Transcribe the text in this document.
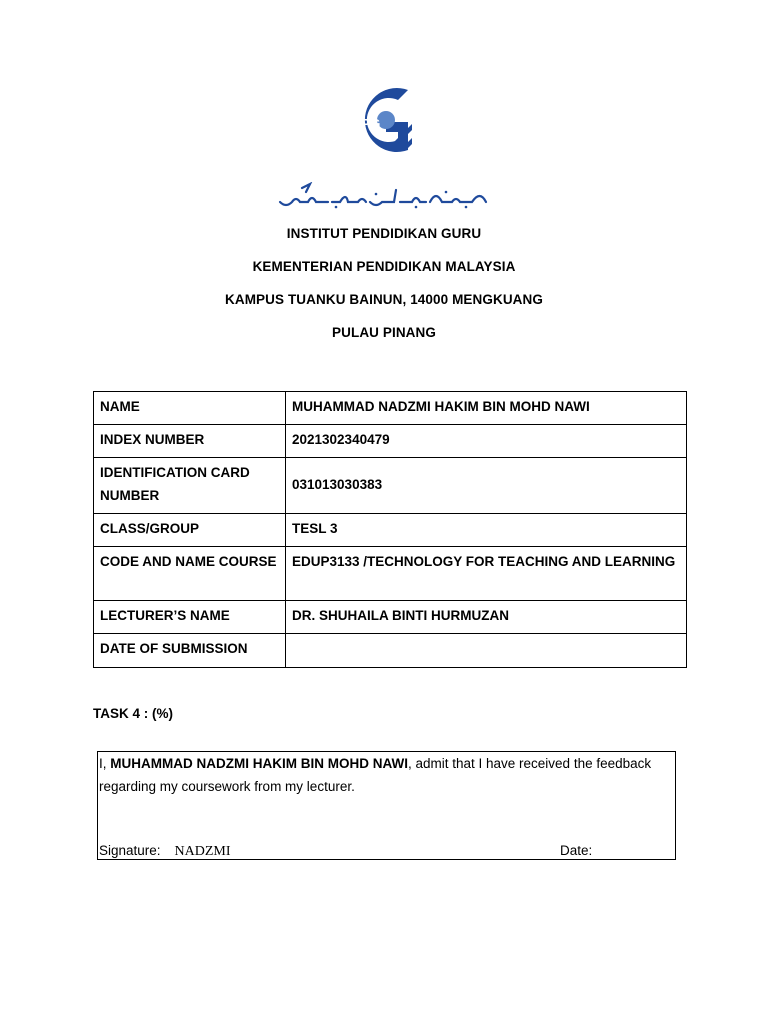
IPG
INSTITUT PENDIDIKAN GURU
KEMENTERIAN PENDIDIKAN MALAYSIA
KAMPUS TUANKU BAINUN, 14000 MENGKUANG
PULAU PINANG
NAME	MUHAMMAD NADZMI HAKIM BIN MOHD NAWI
INDEX NUMBER	2021302340479
IDENTIFICATION CARD NUMBER	031013030383
CLASS/GROUP	TESL 3
CODE AND NAME COURSE	EDUP3133 /TECHNOLOGY FOR TEACHING AND LEARNING
LECTURER’S NAME	DR. SHUHAILA BINTI HURMUZAN
DATE OF SUBMISSION	
TASK 4 : (%)
I, MUHAMMAD NADZMI HAKIM BIN MOHD NAWI, admit that I have received the feedback regarding my coursework from my lecturer.
Signature: NADZMI	Date:
